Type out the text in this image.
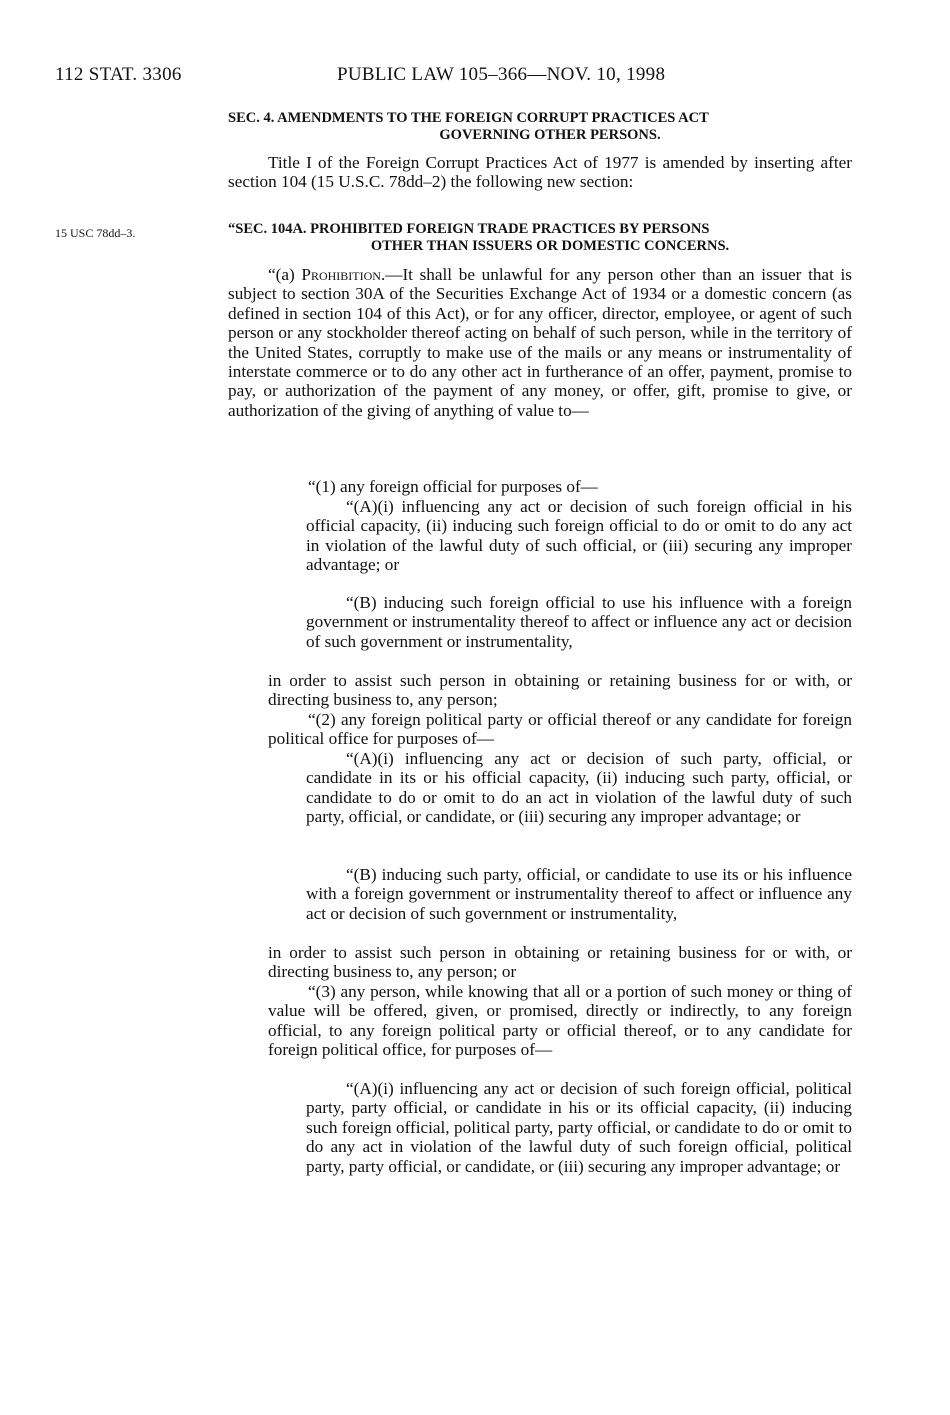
112 STAT. 3306	PUBLIC LAW 105–366—NOV. 10, 1998
SEC. 4. AMENDMENTS TO THE FOREIGN CORRUPT PRACTICES ACT
GOVERNING OTHER PERSONS.

Title I of the Foreign Corrupt Practices Act of 1977 is amended by inserting after section 104 (15 U.S.C. 78dd–2) the following new section:

15 USC 78dd–3.	“SEC. 104A. PROHIBITED FOREIGN TRADE PRACTICES BY PERSONS
OTHER THAN ISSUERS OR DOMESTIC CONCERNS.

“(a) Prohibition.—It shall be unlawful for any person other than an issuer that is subject to section 30A of the Securities Exchange Act of 1934 or a domestic concern (as defined in section 104 of this Act), or for any officer, director, employee, or agent of such person or any stockholder thereof acting on behalf of such person, while in the territory of the United States, corruptly to make use of the mails or any means or instrumentality of interstate commerce or to do any other act in furtherance of an offer, payment, promise to pay, or authorization of the payment of any money, or offer, gift, promise to give, or authorization of the giving of anything of value to—

“(1) any foreign official for purposes of—

“(A)(i) influencing any act or decision of such foreign official in his official capacity, (ii) inducing such foreign official to do or omit to do any act in violation of the lawful duty of such official, or (iii) securing any improper advantage; or

“(B) inducing such foreign official to use his influence with a foreign government or instrumentality thereof to affect or influence any act or decision of such government or instrumentality,

in order to assist such person in obtaining or retaining business for or with, or directing business to, any person;

“(2) any foreign political party or official thereof or any candidate for foreign political office for purposes of—

“(A)(i) influencing any act or decision of such party, official, or candidate in its or his official capacity, (ii) inducing such party, official, or candidate to do or omit to do an act in violation of the lawful duty of such party, official, or candidate, or (iii) securing any improper advantage; or

“(B) inducing such party, official, or candidate to use its or his influence with a foreign government or instrumentality thereof to affect or influence any act or decision of such government or instrumentality,

in order to assist such person in obtaining or retaining business for or with, or directing business to, any person; or

“(3) any person, while knowing that all or a portion of such money or thing of value will be offered, given, or promised, directly or indirectly, to any foreign official, to any foreign political party or official thereof, or to any candidate for foreign political office, for purposes of—

“(A)(i) influencing any act or decision of such foreign official, political party, party official, or candidate in his or its official capacity, (ii) inducing such foreign official, political party, party official, or candidate to do or omit to do any act in violation of the lawful duty of such foreign official, political party, party official, or candidate, or (iii) securing any improper advantage; or
